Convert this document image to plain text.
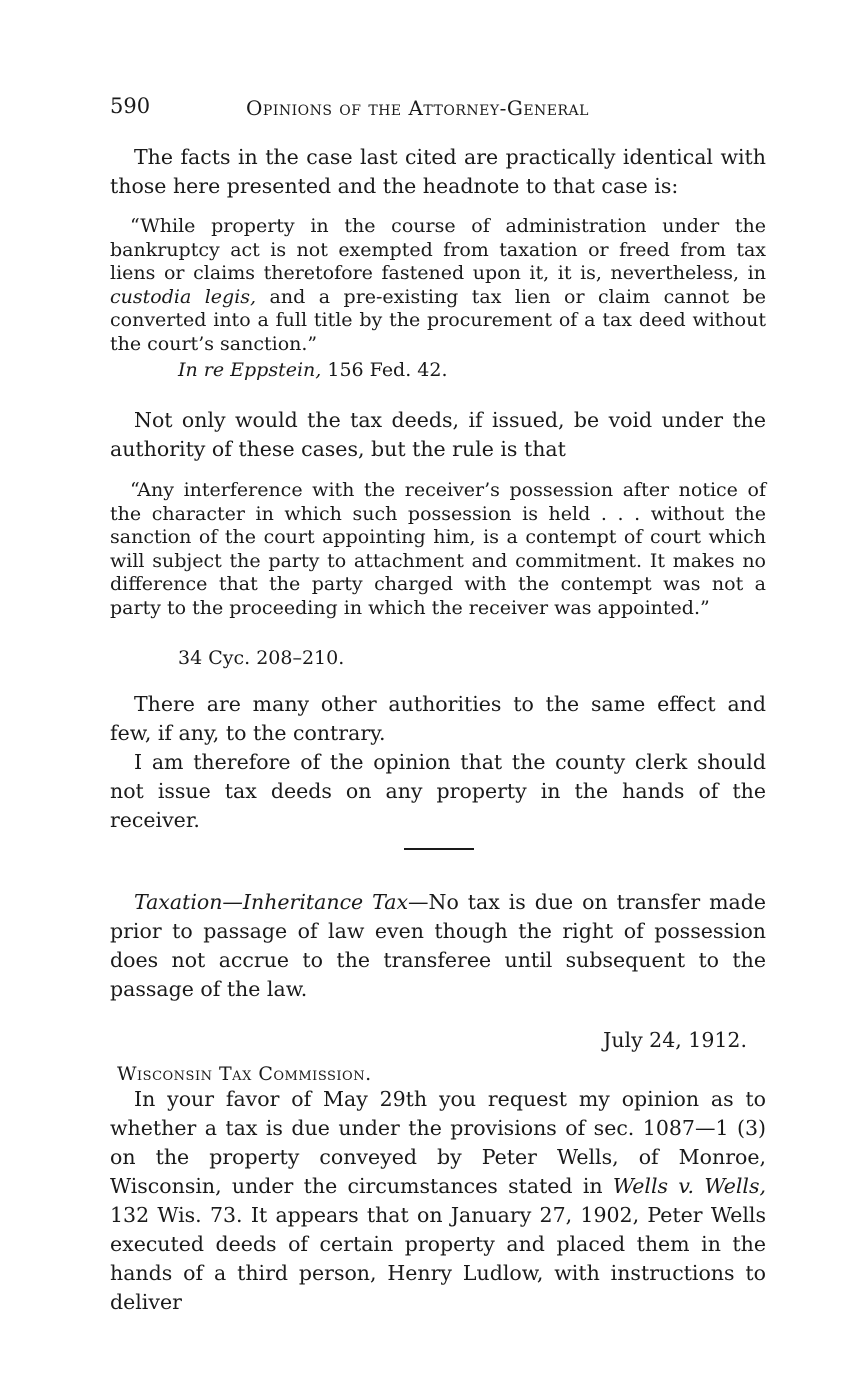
590	Opinions of the Attorney-General

The facts in the case last cited are practically identical with those here presented and the headnote to that case is:

“While property in the course of administration under the bankruptcy act is not exempted from taxation or freed from tax liens or claims theretofore fastened upon it, it is, nevertheless, in custodia legis, and a pre-existing tax lien or claim cannot be converted into a full title by the procurement of a tax deed without the court’s sanction.”

In re Eppstein, 156 Fed. 42.

Not only would the tax deeds, if issued, be void under the authority of these cases, but the rule is that

“Any interference with the receiver’s possession after notice of the character in which such possession is held . . . without the sanction of the court appointing him, is a contempt of court which will subject the party to attachment and commitment. It makes no difference that the party charged with the contempt was not a party to the proceeding in which the receiver was appointed.”

34 Cyc. 208–210.

There are many other authorities to the same effect and few, if any, to the contrary.

I am therefore of the opinion that the county clerk should not issue tax deeds on any property in the hands of the receiver.

Taxation—Inheritance Tax—No tax is due on transfer made prior to passage of law even though the right of possession does not accrue to the transferee until subsequent to the passage of the law.

July 24, 1912.
Wisconsin Tax Commission.

In your favor of May 29th you request my opinion as to whether a tax is due under the provisions of sec. 1087—1 (3) on the property conveyed by Peter Wells, of Monroe, Wisconsin, under the circumstances stated in Wells v. Wells, 132 Wis. 73. It appears that on January 27, 1902, Peter Wells executed deeds of certain property and placed them in the hands of a third person, Henry Ludlow, with instructions to deliver
